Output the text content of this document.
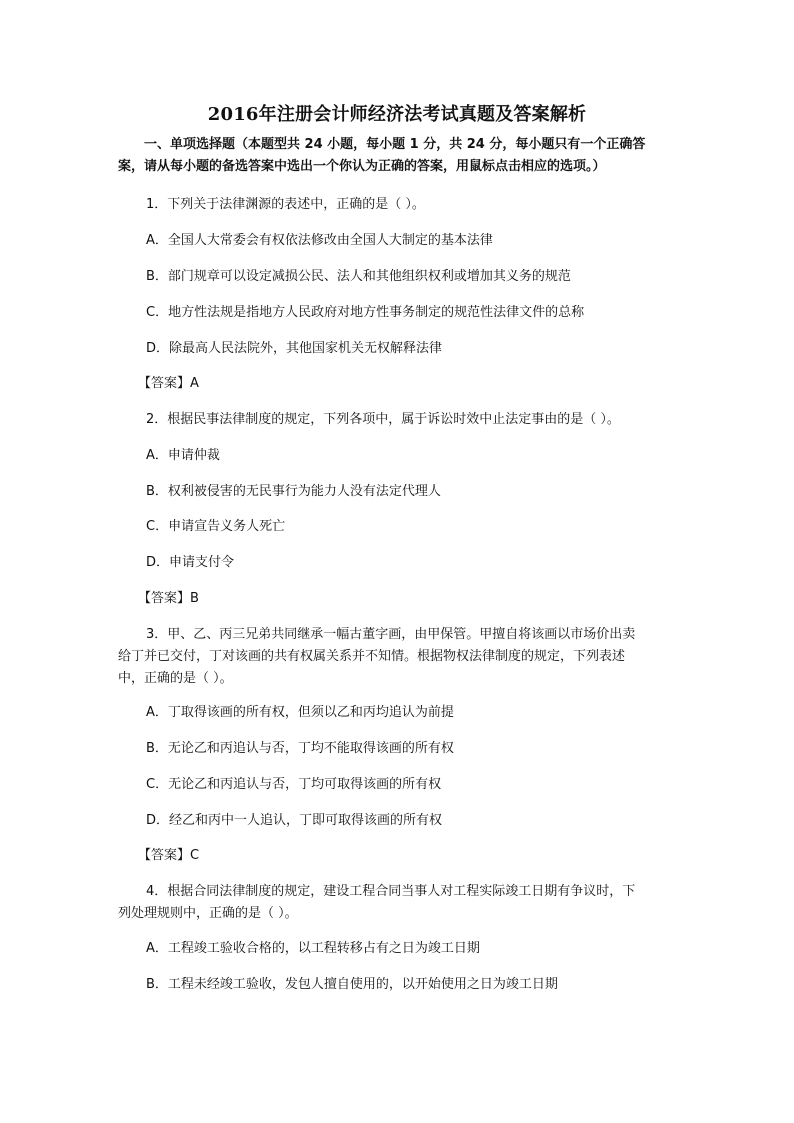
2016年注册会计师经济法考试真题及答案解析
一、单项选择题（本题型共 24 小题，每小题 1 分，共 24 分，每小题只有一个正确答
案，请从每小题的备选答案中选出一个你认为正确的答案，用鼠标点击相应的选项。）
1．下列关于法律渊源的表述中，正确的是（ ）。
A．全国人大常委会有权依法修改由全国人大制定的基本法律
B．部门规章可以设定减损公民、法人和其他组织权利或增加其义务的规范
C．地方性法规是指地方人民政府对地方性事务制定的规范性法律文件的总称
D．除最高人民法院外，其他国家机关无权解释法律
【答案】A
2．根据民事法律制度的规定，下列各项中，属于诉讼时效中止法定事由的是（ ）。
A．申请仲裁
B．权利被侵害的无民事行为能力人没有法定代理人
C．申请宣告义务人死亡
D．申请支付令
【答案】B
3．甲、乙、丙三兄弟共同继承一幅古董字画，由甲保管。甲擅自将该画以市场价出卖
给丁并已交付，丁对该画的共有权属关系并不知情。根据物权法律制度的规定，下列表述
中，正确的是（ ）。
A．丁取得该画的所有权，但须以乙和丙均追认为前提
B．无论乙和丙追认与否，丁均不能取得该画的所有权
C．无论乙和丙追认与否，丁均可取得该画的所有权
D．经乙和丙中一人追认，丁即可取得该画的所有权
【答案】C
4．根据合同法律制度的规定，建设工程合同当事人对工程实际竣工日期有争议时，下
列处理规则中，正确的是（ ）。
A．工程竣工验收合格的，以工程转移占有之日为竣工日期
B．工程未经竣工验收，发包人擅自使用的，以开始使用之日为竣工日期
